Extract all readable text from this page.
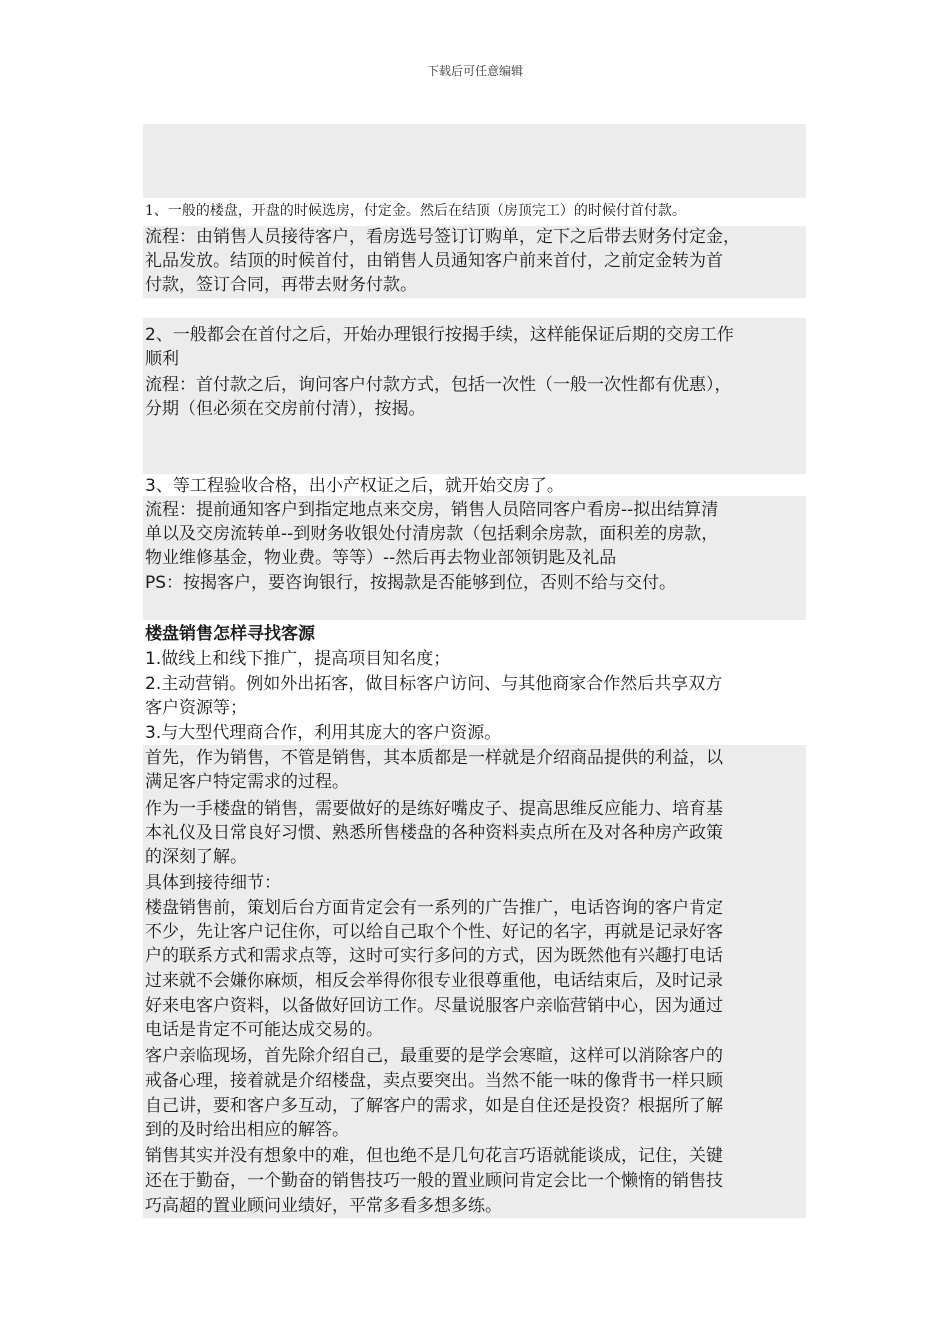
下载后可任意编辑
1、一般的楼盘，开盘的时候选房，付定金。然后在结顶（房顶完工）的时候付首付款。
流程：由销售人员接待客户，看房选号签订订购单，定下之后带去财务付定金，
礼品发放。结顶的时候首付，由销售人员通知客户前来首付，之前定金转为首
付款，签订合同，再带去财务付款。
2、一般都会在首付之后，开始办理银行按揭手续，这样能保证后期的交房工作
顺利
流程：首付款之后，询问客户付款方式，包括一次性（一般一次性都有优惠），
分期（但必须在交房前付清），按揭。
3、等工程验收合格，出小产权证之后，就开始交房了。
流程：提前通知客户到指定地点来交房，销售人员陪同客户看房--拟出结算清
单以及交房流转单--到财务收银处付清房款（包括剩余房款，面积差的房款，
物业维修基金，物业费。等等）--然后再去物业部领钥匙及礼品
PS：按揭客户，要咨询银行，按揭款是否能够到位，否则不给与交付。
楼盘销售怎样寻找客源
1.做线上和线下推广，提高项目知名度；
2.主动营销。例如外出拓客，做目标客户访问、与其他商家合作然后共享双方
客户资源等；
3.与大型代理商合作，利用其庞大的客户资源。
首先，作为销售，不管是销售，其本质都是一样就是介绍商品提供的利益，以
满足客户特定需求的过程。
作为一手楼盘的销售，需要做好的是练好嘴皮子、提高思维反应能力、培育基
本礼仪及日常良好习惯、熟悉所售楼盘的各种资料卖点所在及对各种房产政策
的深刻了解。
具体到接待细节：
楼盘销售前，策划后台方面肯定会有一系列的广告推广，电话咨询的客户肯定
不少，先让客户记住你，可以给自己取个个性、好记的名字，再就是记录好客
户的联系方式和需求点等，这时可实行多问的方式，因为既然他有兴趣打电话
过来就不会嫌你麻烦，相反会举得你很专业很尊重他，电话结束后，及时记录
好来电客户资料，以备做好回访工作。尽量说服客户亲临营销中心，因为通过
电话是肯定不可能达成交易的。
客户亲临现场，首先除介绍自己，最重要的是学会寒暄，这样可以消除客户的
戒备心理，接着就是介绍楼盘，卖点要突出。当然不能一味的像背书一样只顾
自己讲，要和客户多互动，了解客户的需求，如是自住还是投资？根据所了解
到的及时给出相应的解答。
销售其实并没有想象中的难，但也绝不是几句花言巧语就能谈成，记住，关键
还在于勤奋，一个勤奋的销售技巧一般的置业顾问肯定会比一个懒惰的销售技
巧高超的置业顾问业绩好，平常多看多想多练。
